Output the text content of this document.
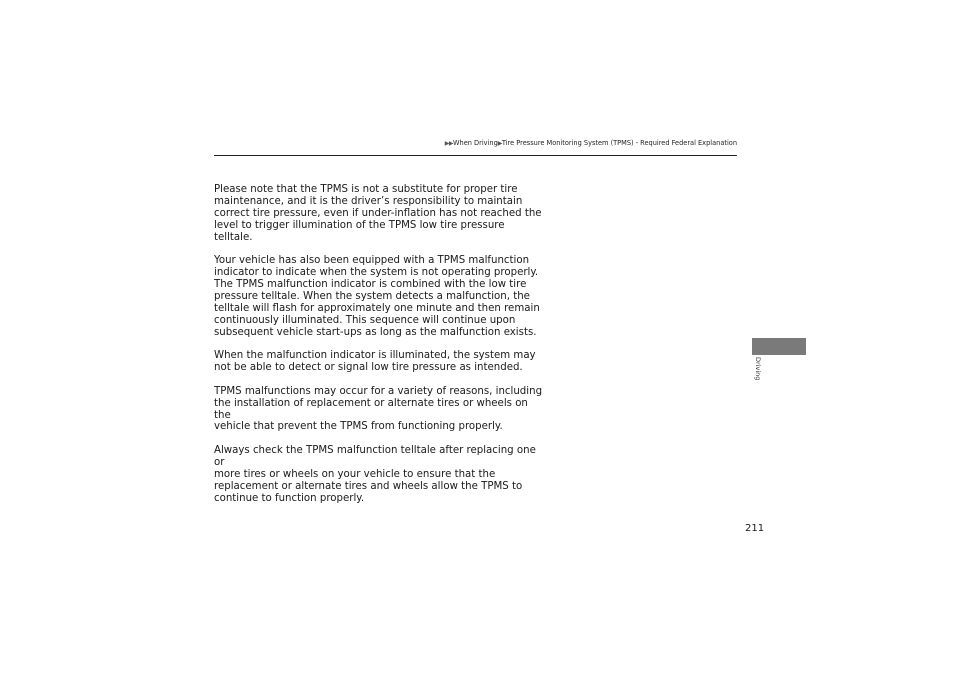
▶▶When Driving▶Tire Pressure Monitoring System (TPMS) - Required Federal Explanation

Please note that the TPMS is not a substitute for proper tire
maintenance, and it is the driver’s responsibility to maintain
correct tire pressure, even if under-inflation has not reached the
level to trigger illumination of the TPMS low tire pressure telltale.

Your vehicle has also been equipped with a TPMS malfunction
indicator to indicate when the system is not operating properly.
The TPMS malfunction indicator is combined with the low tire
pressure telltale. When the system detects a malfunction, the
telltale will flash for approximately one minute and then remain
continuously illuminated. This sequence will continue upon
subsequent vehicle start-ups as long as the malfunction exists.

When the malfunction indicator is illuminated, the system may
not be able to detect or signal low tire pressure as intended.

TPMS malfunctions may occur for a variety of reasons, including
the installation of replacement or alternate tires or wheels on the
vehicle that prevent the TPMS from functioning properly.

Always check the TPMS malfunction telltale after replacing one or
more tires or wheels on your vehicle to ensure that the
replacement or alternate tires and wheels allow the TPMS to
continue to function properly.

Driving
211
